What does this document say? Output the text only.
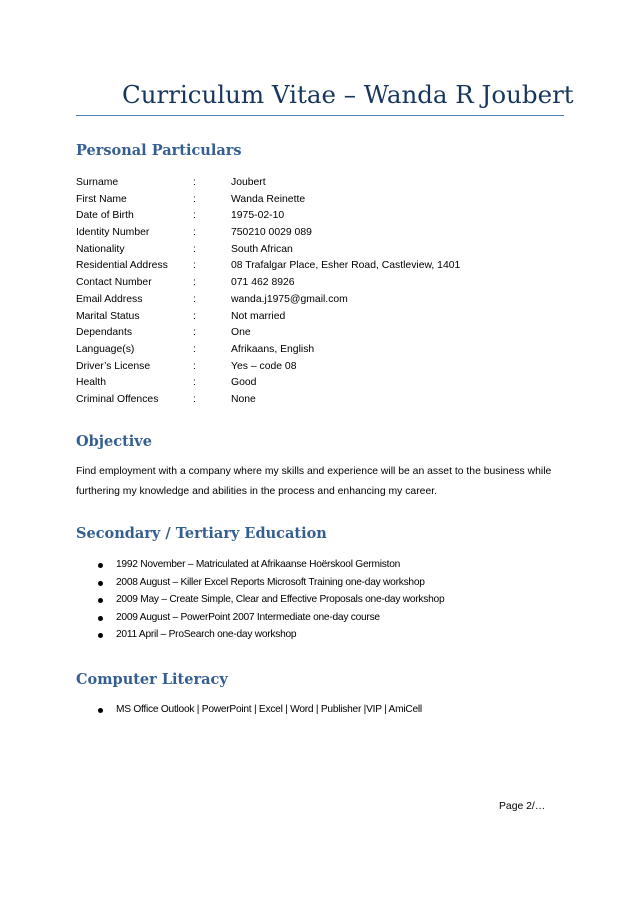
Curriculum Vitae – Wanda R Joubert
Personal Particulars
Surname	:	Joubert
First Name	:	Wanda Reinette
Date of Birth	:	1975-02-10
Identity Number	:	750210 0029 089
Nationality	:	South African
Residential Address :	08 Trafalgar Place, Esher Road, Castleview, 1401
Contact Number	:	071 462 8926
Email Address	:	wanda.j1975@gmail.com
Marital Status	:	Not married
Dependants	:	One
Language(s)	:	Afrikaans, English
Driver’s License	:	Yes – code 08
Health	:	Good
Criminal Offences	:	None
Objective

Find employment with a company where my skills and experience will be an asset to the business while furthering my knowledge and abilities in the process and enhancing my career.

Secondary / Tertiary Education
1992 November – Matriculated at Afrikaanse Hoërskool Germiston
2008 August – Killer Excel Reports Microsoft Training one-day workshop
2009 May – Create Simple, Clear and Effective Proposals one-day workshop
2009 August – PowerPoint 2007 Intermediate one-day course
2011 April – ProSearch one-day workshop
Computer Literacy
MS Office Outlook | PowerPoint | Excel | Word | Publisher |VIP | AmiCell
Page 2/…
